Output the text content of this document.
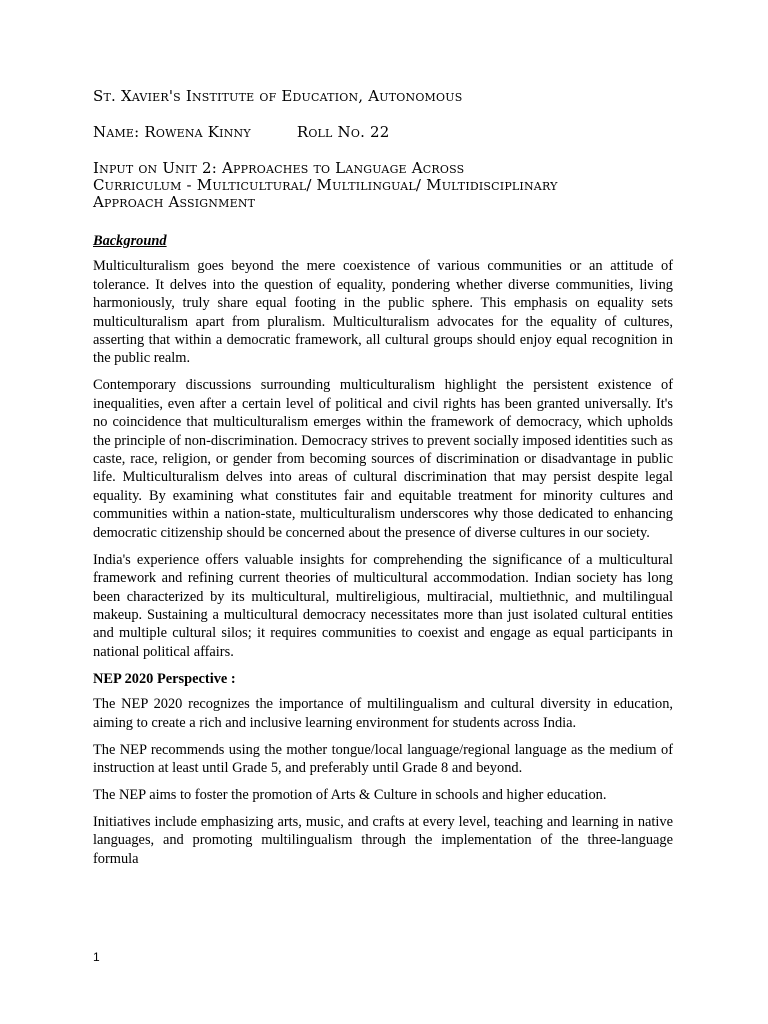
St. Xavier's Institute of Education, Autonomous
Name: Rowena Kinny	Roll No. 22
Input on Unit 2: Approaches to Language Across
Curriculum - Multicultural/ Multilingual/ Multidisciplinary
Approach Assignment
Background

Multiculturalism goes beyond the mere coexistence of various communities or an attitude of tolerance. It delves into the question of equality, pondering whether diverse communities, living harmoniously, truly share equal footing in the public sphere. This emphasis on equality sets multiculturalism apart from pluralism. Multiculturalism advocates for the equality of cultures, asserting that within a democratic framework, all cultural groups should enjoy equal recognition in the public realm.

Contemporary discussions surrounding multiculturalism highlight the persistent existence of inequalities, even after a certain level of political and civil rights has been granted universally. It's no coincidence that multiculturalism emerges within the framework of democracy, which upholds the principle of non-discrimination. Democracy strives to prevent socially imposed identities such as caste, race, religion, or gender from becoming sources of discrimination or disadvantage in public life. Multiculturalism delves into areas of cultural discrimination that may persist despite legal equality. By examining what constitutes fair and equitable treatment for minority cultures and communities within a nation-state, multiculturalism underscores why those dedicated to enhancing democratic citizenship should be concerned about the presence of diverse cultures in our society.

India's experience offers valuable insights for comprehending the significance of a multicultural framework and refining current theories of multicultural accommodation. Indian society has long been characterized by its multicultural, multireligious, multiracial, multiethnic, and multilingual makeup. Sustaining a multicultural democracy necessitates more than just isolated cultural entities and multiple cultural silos; it requires communities to coexist and engage as equal participants in national political affairs.

NEP 2020 Perspective :

The NEP 2020 recognizes the importance of multilingualism and cultural diversity in education, aiming to create a rich and inclusive learning environment for students across India.

The NEP recommends using the mother tongue/local language/regional language as the medium of instruction at least until Grade 5, and preferably until Grade 8 and beyond.

The NEP aims to foster the promotion of Arts & Culture in schools and higher education.

Initiatives include emphasizing arts, music, and crafts at every level, teaching and learning in native languages, and promoting multilingualism through the implementation of the three-language formula

1
